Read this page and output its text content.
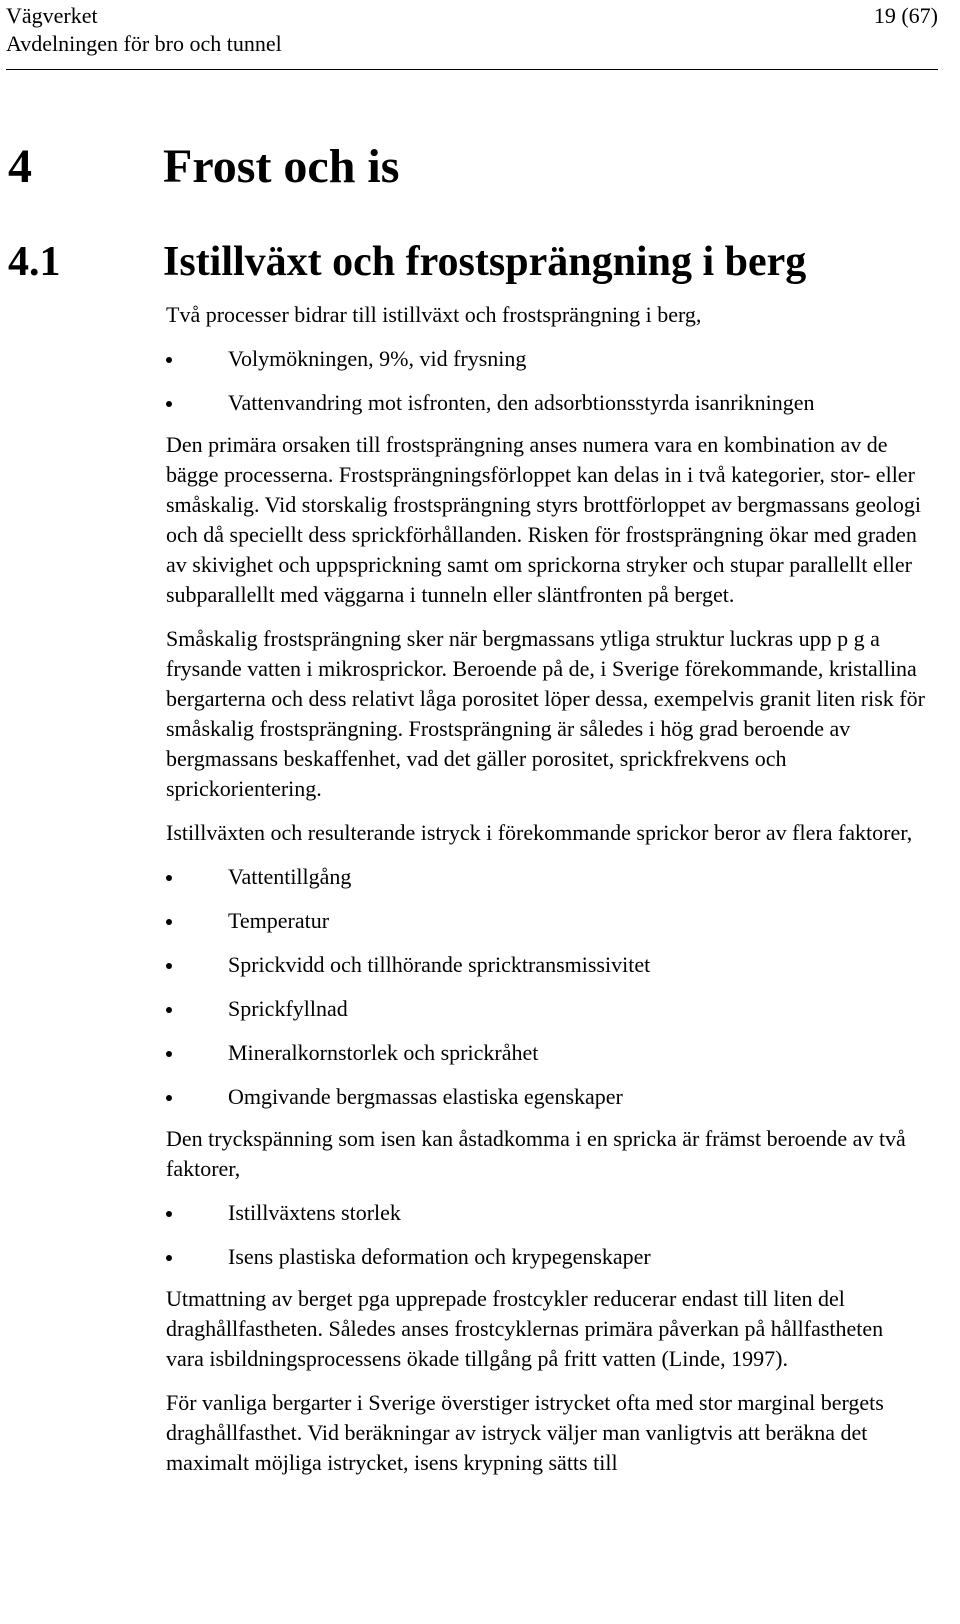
Vägverket
Avdelningen för bro och tunnel
19 (67)
4	Frost och is
4.1 Istillväxt och frostsprängning i berg

Två processer bidrar till istillväxt och frostsprängning i berg,

Volymökningen, 9%, vid frysning
Vattenvandring mot isfronten, den adsorbtionsstyrda isanrikningen

Den primära orsaken till frostsprängning anses numera vara en kombination av de bägge processerna. Frostsprängningsförloppet kan delas in i två kategorier, stor- eller småskalig. Vid storskalig frostsprängning styrs brottförloppet av bergmassans geologi och då speciellt dess sprickförhållanden. Risken för frostsprängning ökar med graden av skivighet och uppsprickning samt om sprickorna stryker och stupar parallellt eller subparallellt med väggarna i tunneln eller släntfronten på berget.

Småskalig frostsprängning sker när bergmassans ytliga struktur luckras upp p g a frysande vatten i mikrosprickor. Beroende på de, i Sverige förekommande, kristallina bergarterna och dess relativt låga porositet löper dessa, exempelvis granit liten risk för småskalig frostsprängning. Frostsprängning är således i hög grad beroende av bergmassans beskaffenhet, vad det gäller porositet, sprickfrekvens och sprickorientering.

Istillväxten och resulterande istryck i förekommande sprickor beror av flera faktorer,

Vattentillgång
Temperatur
Sprickvidd och tillhörande spricktransmissivitet
Sprickfyllnad
Mineralkornstorlek och sprickråhet
Omgivande bergmassas elastiska egenskaper

Den tryckspänning som isen kan åstadkomma i en spricka är främst beroende av två faktorer,

Istillväxtens storlek
Isens plastiska deformation och krypegenskaper

Utmattning av berget pga upprepade frostcykler reducerar endast till liten del draghållfastheten. Således anses frostcyklernas primära påverkan på hållfastheten vara isbildningsprocessens ökade tillgång på fritt vatten (Linde, 1997).

För vanliga bergarter i Sverige överstiger istrycket ofta med stor marginal bergets draghållfasthet. Vid beräkningar av istryck väljer man vanligtvis att beräkna det maximalt möjliga istrycket, isens krypning sätts till
